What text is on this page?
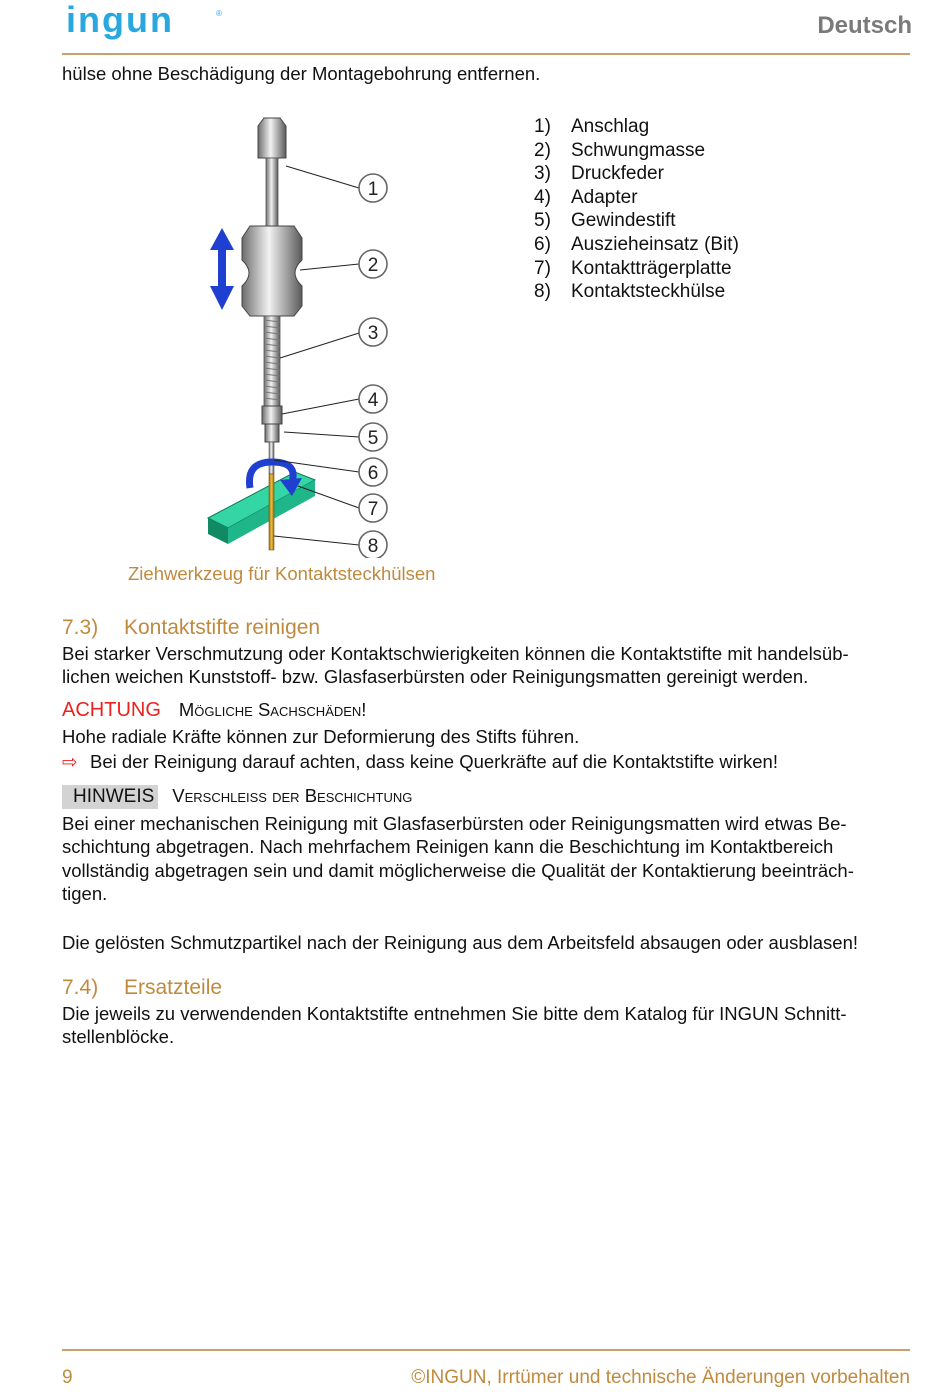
ingun	®	Deutsch
hülse ohne Beschädigung der Montagebohrung entfernen.
1
2
3
4
5
6
7
8
1) Anschlag
2) Schwungmasse
3) Druckfeder
4) Adapter
5) Gewindestift
6) Auszieheinsatz (Bit)
7) Kontaktträgerplatte
8) Kontaktsteckhülse
Ziehwerkzeug für Kontaktsteckhülsen
7.3) Kontaktstifte reinigen
Bei starker Verschmutzung oder Kontaktschwierigkeiten können die Kontaktstifte mit handelsüb-
lichen weichen Kunststoff- bzw. Glasfaserbürsten oder Reinigungsmatten gereinigt werden.
ACHTUNG Mögliche Sachschäden!
Hohe radiale Kräfte können zur Deformierung des Stifts führen.
⇨ Bei der Reinigung darauf achten, dass keine Querkräfte auf die Kontaktstifte wirken!
HINWEIS Verschleiss der Beschichtung
Bei einer mechanischen Reinigung mit Glasfaserbürsten oder Reinigungsmatten wird etwas Be-
schichtung abgetragen. Nach mehrfachem Reinigen kann die Beschichtung im Kontaktbereich
vollständig abgetragen sein und damit möglicherweise die Qualität der Kontaktierung beeinträch-
tigen.
Die gelösten Schmutzpartikel nach der Reinigung aus dem Arbeitsfeld absaugen oder ausblasen!
7.4) Ersatzteile
Die jeweils zu verwendenden Kontaktstifte entnehmen Sie bitte dem Katalog für INGUN Schnitt-
stellenblöcke.
9	©INGUN, Irrtümer und technische Änderungen vorbehalten
